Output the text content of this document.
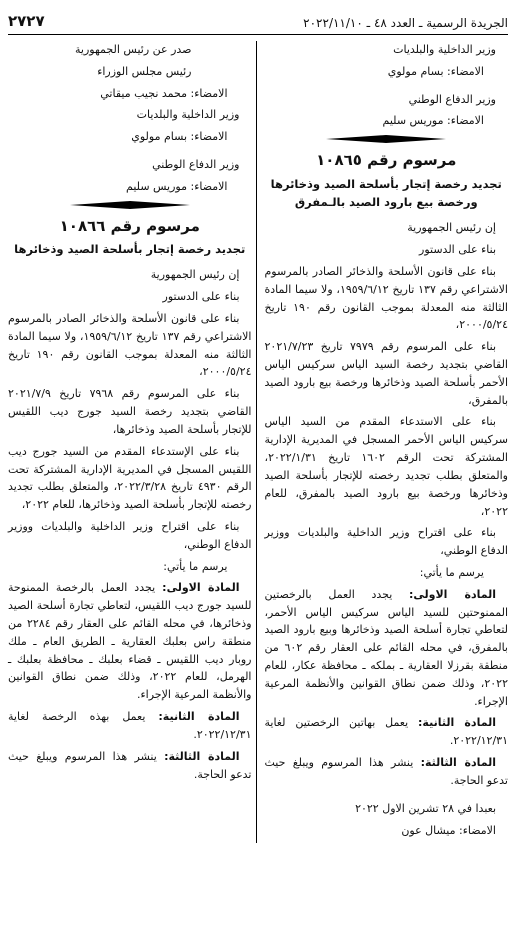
الجريدة الرسمية ـ العدد ٤٨ ـ ٢٠٢٢/١١/١٠
٢٧٢٧

وزير الداخلية والبلديات

الامضاء: بسام مولوي

وزير الدفاع الوطني

الامضاء: موريس سليم

مرسوم رقم ١٠٨٦٥
تجديد رخصة إتجار بأسلحة الصيد وذخائرها ورخصة بيع بارود الصيد بالـمفرق

إن رئيس الجمهورية

بناء على الدستور

بناء على قانون الأسلحة والذخائر الصادر بالمرسوم الاشتراعي رقم ١٣٧ تاريخ ١٩٥٩/٦/١٢، ولا سيما المادة الثالثة منه المعدلة بموجب القانون رقم ١٩٠ تاريخ ٢٠٠٠/٥/٢٤،

بناء على المرسوم رقم ٧٩٧٩ تاريخ ٢٠٢١/٧/٢٣ القاضي بتجديد رخصة السيد الياس سركيس الياس الأحمر بأسلحة الصيد وذخائرها ورخصة بيع بارود الصيد بالمفرق،

بناء على الاستدعاء المقدم من السيد الياس سركيس الياس الأحمر المسجل في المديرية الإدارية المشتركة تحت الرقم ١٦٠٢ تاريخ ٢٠٢٢/١/٣١، والمتعلق بطلب تجديد رخصته للإتجار بأسلحة الصيد وذخائرها ورخصة بيع بارود الصيد بالمفرق، للعام ٢٠٢٢،

بناء على اقتراح وزير الداخلية والبلديات ووزير الدفاع الوطني،

يرسم ما يأتي:

المادة الاولى: يجدد العمل بالرخصتين الممنوحتين للسيد الياس سركيس الياس الأحمر، لتعاطي تجارة أسلحة الصيد وذخائرها وبيع بارود الصيد بالمفرق، في محله القائم على العقار رقم ٦٠٢ من منطقة بقرزلا العقارية ـ بملكه ـ محافظة عكار، للعام ٢٠٢٢، وذلك ضمن نطاق القوانين والأنظمة المرعية الإجراء.

المادة الثانية: يعمل بهاتين الرخصتين لغاية ٢٠٢٢/١٢/٣١.

المادة الثالثة: ينشر هذا المرسوم ويبلغ حيث تدعو الحاجة.

بعبدا في ٢٨ تشرين الاول ٢٠٢٢

الامضاء: ميشال عون

صدر عن رئيس الجمهورية

رئيس مجلس الوزراء

الامضاء: محمد نجيب ميقاتي

وزير الداخلية والبلديات

الامضاء: بسام مولوي

وزير الدفاع الوطني

الامضاء: موريس سليم

مرسوم رقم ١٠٨٦٦
تجديد رخصة إتجار بأسلحة الصيد وذخائرها

إن رئيس الجمهورية

بناء على الدستور

بناء على قانون الأسلحة والذخائر الصادر بالمرسوم الاشتراعي رقم ١٣٧ تاريخ ١٩٥٩/٦/١٢، ولا سيما المادة الثالثة منه المعدلة بموجب القانون رقم ١٩٠ تاريخ ٢٠٠٠/٥/٢٤،

بناء على المرسوم رقم ٧٩٦٨ تاريخ ٢٠٢١/٧/٩ القاضي بتجديد رخصة السيد جورج ديب اللقيس للإتجار بأسلحة الصيد وذخائرها،

بناء على الإستدعاء المقدم من السيد جورج ديب اللقيس المسجل في المديرية الإدارية المشتركة تحت الرقم ٤٩٣٠ تاريخ ٢٠٢٢/٣/٢٨، والمتعلق بطلب تجديد رخصته للإتجار بأسلحة الصيد وذخائرها، للعام ٢٠٢٢،

بناء على اقتراح وزير الداخلية والبلديات ووزير الدفاع الوطني،

يرسم ما يأتي:

المادة الاولى: يجدد العمل بالرخصة الممنوحة للسيد جورج ديب اللقيس، لتعاطي تجارة أسلحة الصيد وذخائرها، في محله القائم على العقار رقم ٢٢٨٤ من منطقة راس بعلبك العقارية ـ الطريق العام ـ ملك روبار ديب اللقيس ـ قضاء بعلبك ـ محافظة بعلبك ـ الهرمل، للعام ٢٠٢٢، وذلك ضمن نطاق القوانين والأنظمة المرعية الإجراء.

المادة الثانية: يعمل بهذه الرخصة لغاية ٢٠٢٢/١٢/٣١.

المادة الثالثة: ينشر هذا المرسوم ويبلغ حيث تدعو الحاجة.
